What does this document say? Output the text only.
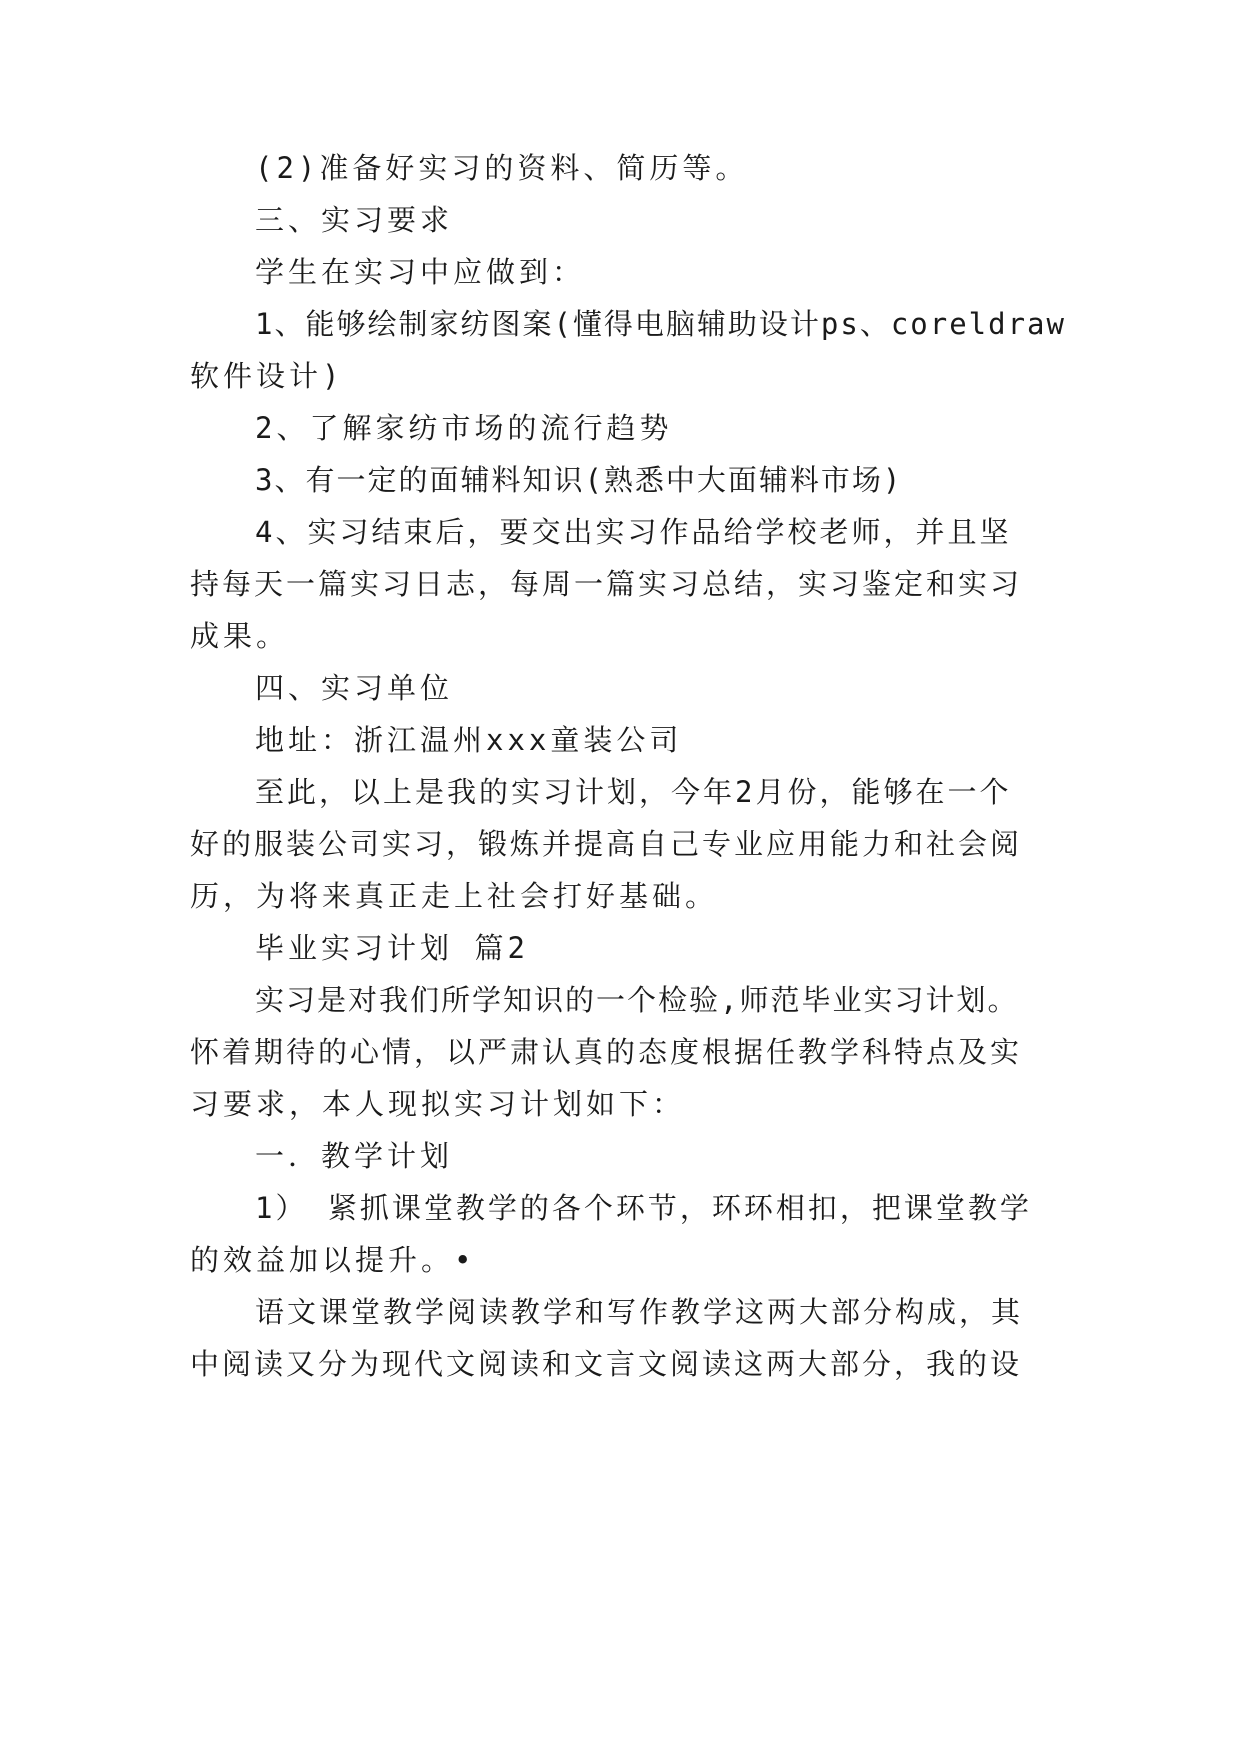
(2)准备好实习的资料、简历等。

三、实习要求

学生在实习中应做到：

1、能够绘制家纺图案(懂得电脑辅助设计ps、coreldraw

软件设计)

2、了解家纺市场的流行趋势

3、有一定的面辅料知识(熟悉中大面辅料市场)

4、实习结束后，要交出实习作品给学校老师，并且坚

持每天一篇实习日志，每周一篇实习总结，实习鉴定和实习

成果。

四、实习单位

地址：浙江温州xxx童装公司

至此，以上是我的实习计划，今年2月份，能够在一个

好的服装公司实习，锻炼并提高自己专业应用能力和社会阅

历，为将来真正走上社会打好基础。

毕业实习计划 篇2

实习是对我们所学知识的一个检验,师范毕业实习计划。

怀着期待的心情，以严肃认真的态度根据任教学科特点及实

习要求，本人现拟实习计划如下：

一．教学计划

1） 紧抓课堂教学的各个环节，环环相扣，把课堂教学

的效益加以提升。•

语文课堂教学阅读教学和写作教学这两大部分构成，其

中阅读又分为现代文阅读和文言文阅读这两大部分，我的设
